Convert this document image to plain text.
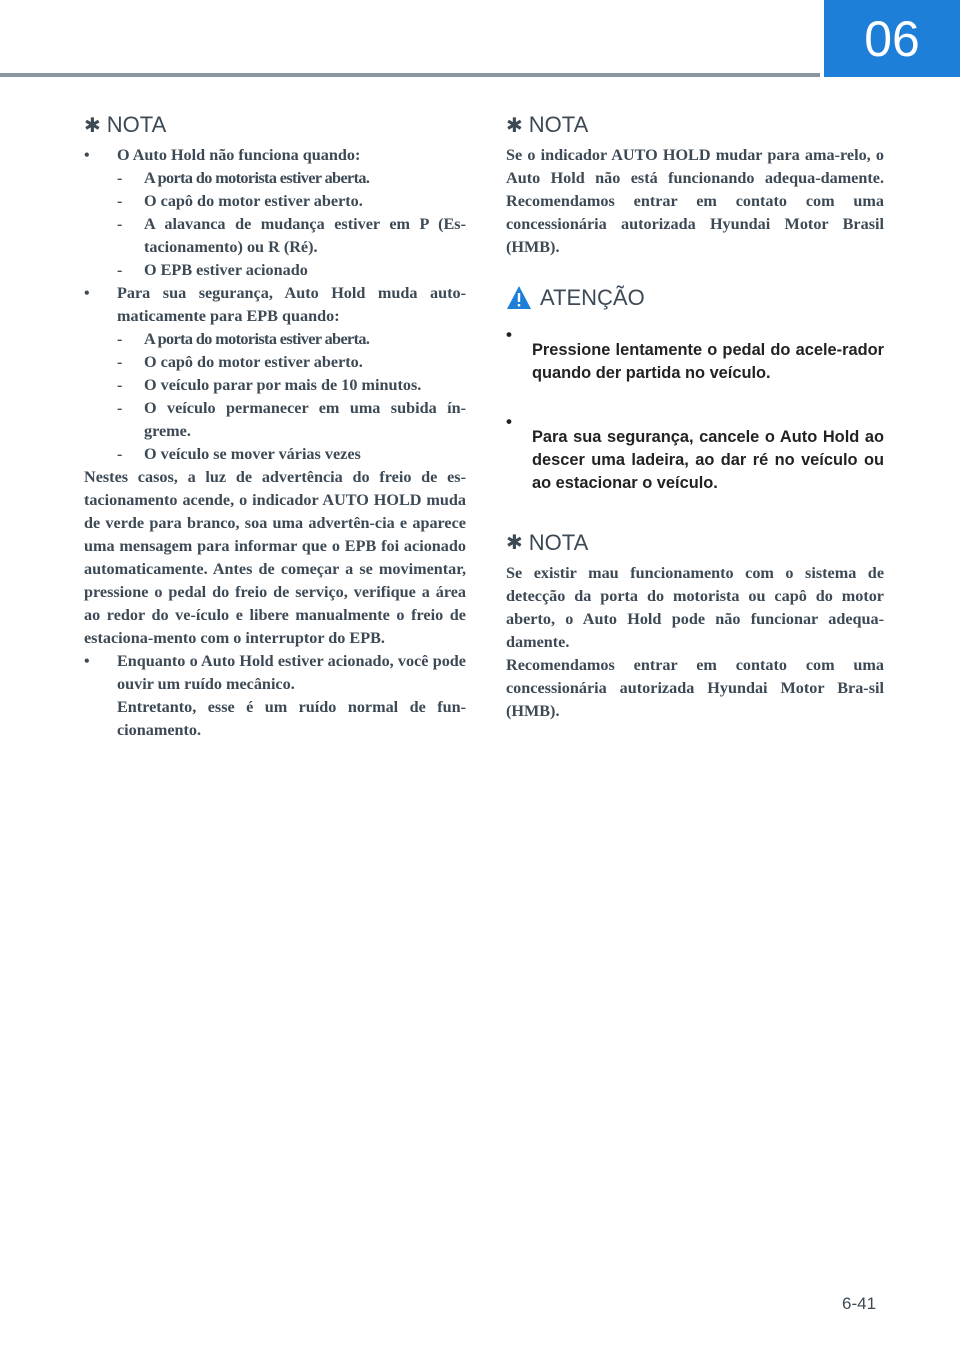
06
✱ NOTA
•	O Auto Hold não funciona quando:

-	A porta do motorista estiver aberta.

-	O capô do motor estiver aberto.

-	A alavanca de mudança estiver em P (Es-tacionamento) ou R (Ré).

-	O EPB estiver acionado

•	Para sua segurança, Auto Hold muda auto-maticamente para EPB quando:

-	A porta do motorista estiver aberta.

-	O capô do motor estiver aberto.

-	O veículo parar por mais de 10 minutos.

-	O veículo permanecer em uma subida ín-greme.

-	O veículo se mover várias vezes

Nestes casos, a luz de advertência do freio de es-tacionamento acende, o indicador AUTO HOLD muda de verde para branco, soa uma advertên-cia e aparece uma mensagem para informar que o EPB foi acionado automaticamente. Antes de começar a se movimentar, pressione o pedal do freio de serviço, verifique a área ao redor do ve-ículo e libere manualmente o freio de estaciona-mento com o interruptor do EPB.

•	Enquanto o Auto Hold estiver acionado, você pode ouvir um ruído mecânico.

Entretanto, esse é um ruído normal de fun-cionamento.

✱ NOTA

Se o indicador AUTO HOLD mudar para ama-relo, o Auto Hold não está funcionando adequa-damente. Recomendamos entrar em contato com uma concessionária autorizada Hyundai Motor Brasil (HMB).

ATENÇÃO
•

Pressione lentamente o pedal do acele-rador quando der partida no veículo.

•

Para sua segurança, cancele o Auto Hold ao descer uma ladeira, ao dar ré no veículo ou ao estacionar o veículo.

✱ NOTA

Se existir mau funcionamento com o sistema de detecção da porta do motorista ou capô do motor aberto, o Auto Hold pode não funcionar adequa-damente.

Recomendamos entrar em contato com uma concessionária autorizada Hyundai Motor Bra-sil (HMB).

6-41
